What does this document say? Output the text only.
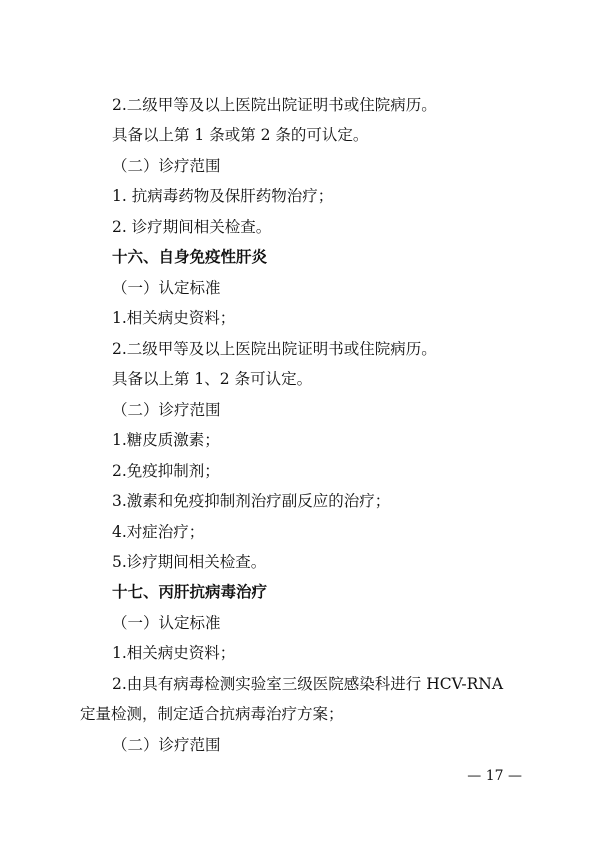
2.二级甲等及以上医院出院证明书或住院病历。
具备以上第 1 条或第 2 条的可认定。
（二）诊疗范围
1. 抗病毒药物及保肝药物治疗；
2. 诊疗期间相关检查。
十六、自身免疫性肝炎
（一）认定标准
1.相关病史资料；
2.二级甲等及以上医院出院证明书或住院病历。
具备以上第 1、2 条可认定。
（二）诊疗范围
1.糖皮质激素；
2.免疫抑制剂；
3.激素和免疫抑制剂治疗副反应的治疗；
4.对症治疗；
5.诊疗期间相关检查。
十七、丙肝抗病毒治疗
（一）认定标准
1.相关病史资料；
2.由具有病毒检测实验室三级医院感染科进行 HCV-RNA
定量检测，制定适合抗病毒治疗方案；
（二）诊疗范围
— 17 —
